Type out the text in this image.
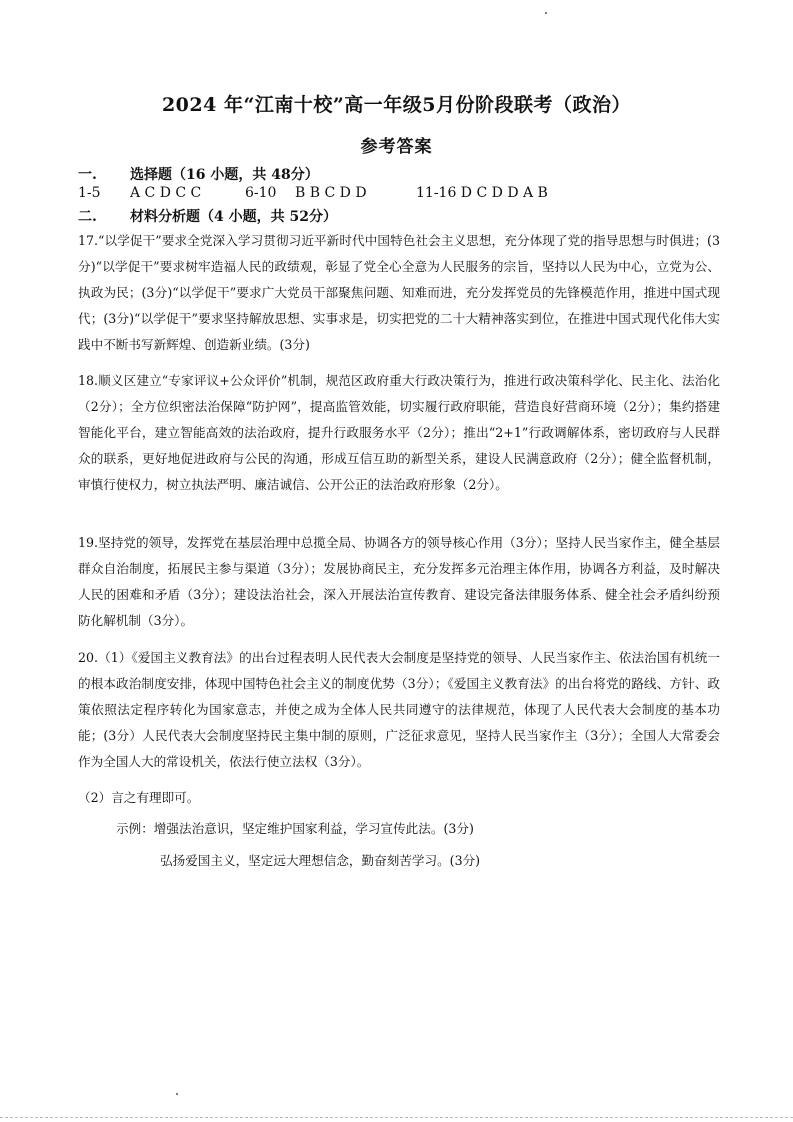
2024 年“江南十校”高一年级5月份阶段联考（政治）
参考答案
一. 选择题（16 小题，共 48分）
1-5 A C D C C	6-10 B B C D D	11-16 D C D D A B
二. 材料分析题（4 小题，共 52分）
17.“以学促干”要求全党深入学习贯彻习近平新时代中国特色社会主义思想，充分体现了党的指导思想与时俱进；(3分)“以学促干”要求树牢造福人民的政绩观，彰显了党全心全意为人民服务的宗旨，坚持以人民为中心，立党为公、执政为民；(3分)“以学促干”要求广大党员干部聚焦问题、知难而进，充分发挥党员的先锋模范作用，推进中国式现代；(3分)“以学促干”要求坚持解放思想、实事求是，切实把党的二十大精神落实到位，在推进中国式现代化伟大实践中不断书写新辉煌、创造新业绩。(3分)
18.顺义区建立“专家评议+公众评价”机制，规范区政府重大行政决策行为，推进行政决策科学化、民主化、法治化（2分）；全方位织密法治保障“防护网”，提高监管效能，切实履行政府职能，营造良好营商环境（2分）；集约搭建智能化平台，建立智能高效的法治政府，提升行政服务水平（2分）；推出“2+1”行政调解体系，密切政府与人民群众的联系，更好地促进政府与公民的沟通，形成互信互助的新型关系，建设人民满意政府（2分）；健全监督机制，审慎行使权力，树立执法严明、廉洁诚信、公开公正的法治政府形象（2分）。
19.坚持党的领导，发挥党在基层治理中总揽全局、协调各方的领导核心作用（3分）；坚持人民当家作主，健全基层群众自治制度，拓展民主参与渠道（3分）；发展协商民主，充分发挥多元治理主体作用，协调各方利益，及时解决人民的困难和矛盾（3分）；建设法治社会，深入开展法治宣传教育、建设完备法律服务体系、健全社会矛盾纠纷预防化解机制（3分）。
20.（1）《爱国主义教育法》的出台过程表明人民代表大会制度是坚持党的领导、人民当家作主、依法治国有机统一的根本政治制度安排，体现中国特色社会主义的制度优势（3分）；《爱国主义教育法》的出台将党的路线、方针、政策依照法定程序转化为国家意志，并使之成为全体人民共同遵守的法律规范，体现了人民代表大会制度的基本功能；(3分）人民代表大会制度坚持民主集中制的原则，广泛征求意见，坚持人民当家作主（3分）；全国人大常委会作为全国人大的常设机关，依法行使立法权（3分）。
（2）言之有理即可。
示例：增强法治意识，坚定维护国家利益，学习宣传此法。(3分)
弘扬爱国主义，坚定远大理想信念，勤奋刻苦学习。(3分)
